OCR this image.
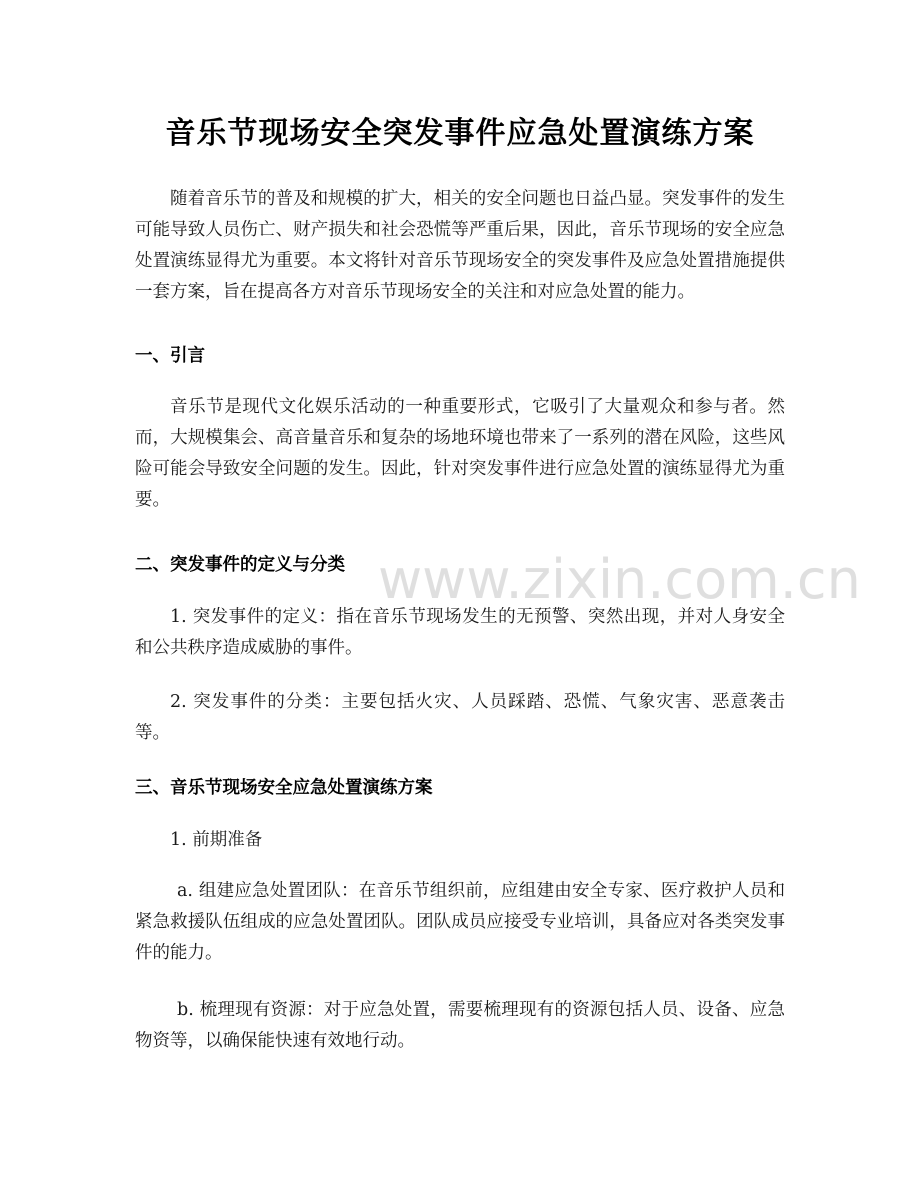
音乐节现场安全突发事件应急处置演练方案

随着音乐节的普及和规模的扩大，相关的安全问题也日益凸显。突发事件的发生可能导致人员伤亡、财产损失和社会恐慌等严重后果，因此，音乐节现场的安全应急处置演练显得尤为重要。本文将针对音乐节现场安全的突发事件及应急处置措施提供一套方案，旨在提高各方对音乐节现场安全的关注和对应急处置的能力。

一、引言

音乐节是现代文化娱乐活动的一种重要形式，它吸引了大量观众和参与者。然而，大规模集会、高音量音乐和复杂的场地环境也带来了一系列的潜在风险，这些风险可能会导致安全问题的发生。因此，针对突发事件进行应急处置的演练显得尤为重要。

二、突发事件的定义与分类

1. 突发事件的定义：指在音乐节现场发生的无预警、突然出现，并对人身安全和公共秩序造成威胁的事件。

2. 突发事件的分类：主要包括火灾、人员踩踏、恐慌、气象灾害、恶意袭击等。

三、音乐节现场安全应急处置演练方案

1. 前期准备

a. 组建应急处置团队：在音乐节组织前，应组建由安全专家、医疗救护人员和紧急救援队伍组成的应急处置团队。团队成员应接受专业培训，具备应对各类突发事件的能力。

b. 梳理现有资源：对于应急处置，需要梳理现有的资源包括人员、设备、应急物资等，以确保能快速有效地行动。

www.zixin.com.cn
